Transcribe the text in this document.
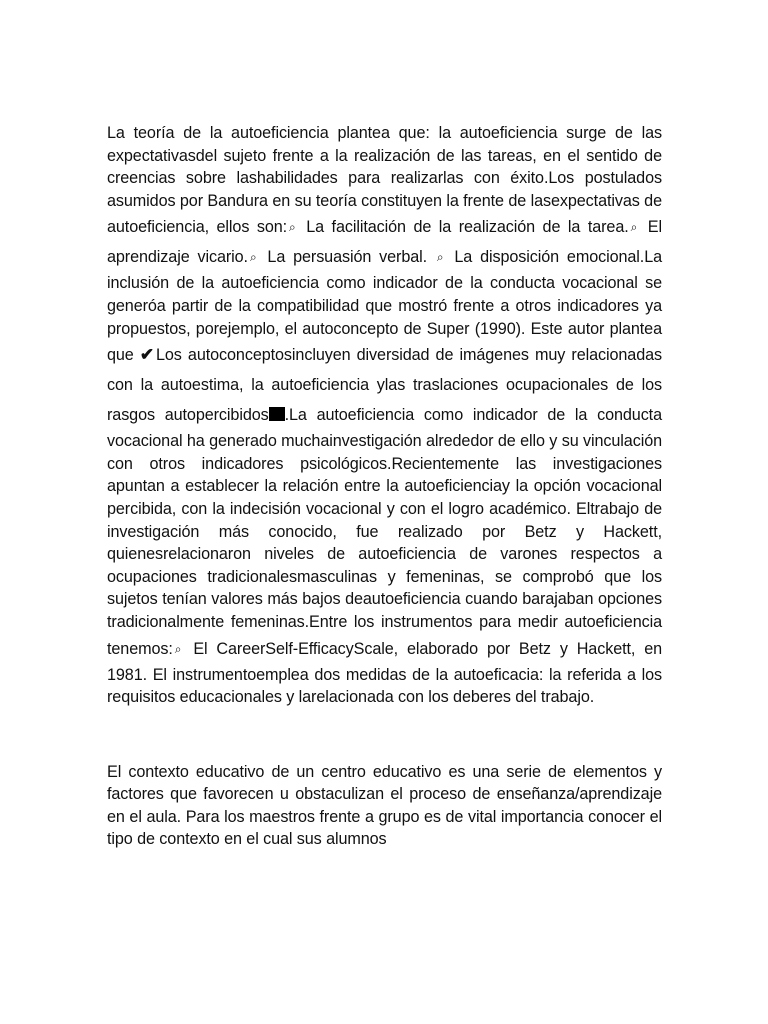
La teoría de la autoeficiencia plantea que: la autoeficiencia surge de las expectativasdel sujeto frente a la realización de las tareas, en el sentido de creencias sobre lashabilidades para realizarlas con éxito.Los postulados asumidos por Bandura en su teoría constituyen la frente de lasexpectativas de autoeficiencia, ellos son: ⌕ La facilitación de la realización de la tarea. ⌕ El aprendizaje vicario. ⌕ La persuasión verbal. ⌕ La disposición emocional.La inclusión de la autoeficiencia como indicador de la conducta vocacional se generóa partir de la compatibilidad que mostró frente a otros indicadores ya propuestos, porejemplo, el autoconcepto de Super (1990). Este autor plantea que ✔ Los autoconceptosincluyen diversidad de imágenes muy relacionadas con la autoestima, la autoeficiencia ylas traslaciones ocupacionales de los rasgos autopercibidos .La autoeficiencia como indicador de la conducta vocacional ha generado muchainvestigación alrededor de ello y su vinculación con otros indicadores psicológicos.Recientemente las investigaciones apuntan a establecer la relación entre la autoeficienciay la opción vocacional percibida, con la indecisión vocacional y con el logro académico. Eltrabajo de investigación más conocido, fue realizado por Betz y Hackett, quienesrelacionaron niveles de autoeficiencia de varones respectos a ocupaciones tradicionalesmasculinas y femeninas, se comprobó que los sujetos tenían valores más bajos deautoeficiencia cuando barajaban opciones tradicionalmente femeninas.Entre los instrumentos para medir autoeficiencia tenemos: ⌕ El CareerSelf-EfficacyScale, elaborado por Betz y Hackett, en 1981. El instrumentoemplea dos medidas de la autoeficacia: la referida a los requisitos educacionales y larelacionada con los deberes del trabajo.

El contexto educativo de un centro educativo es una serie de elementos y factores que favorecen u obstaculizan el proceso de enseñanza/aprendizaje en el aula. Para los maestros frente a grupo es de vital importancia conocer el tipo de contexto en el cual sus alumnos
